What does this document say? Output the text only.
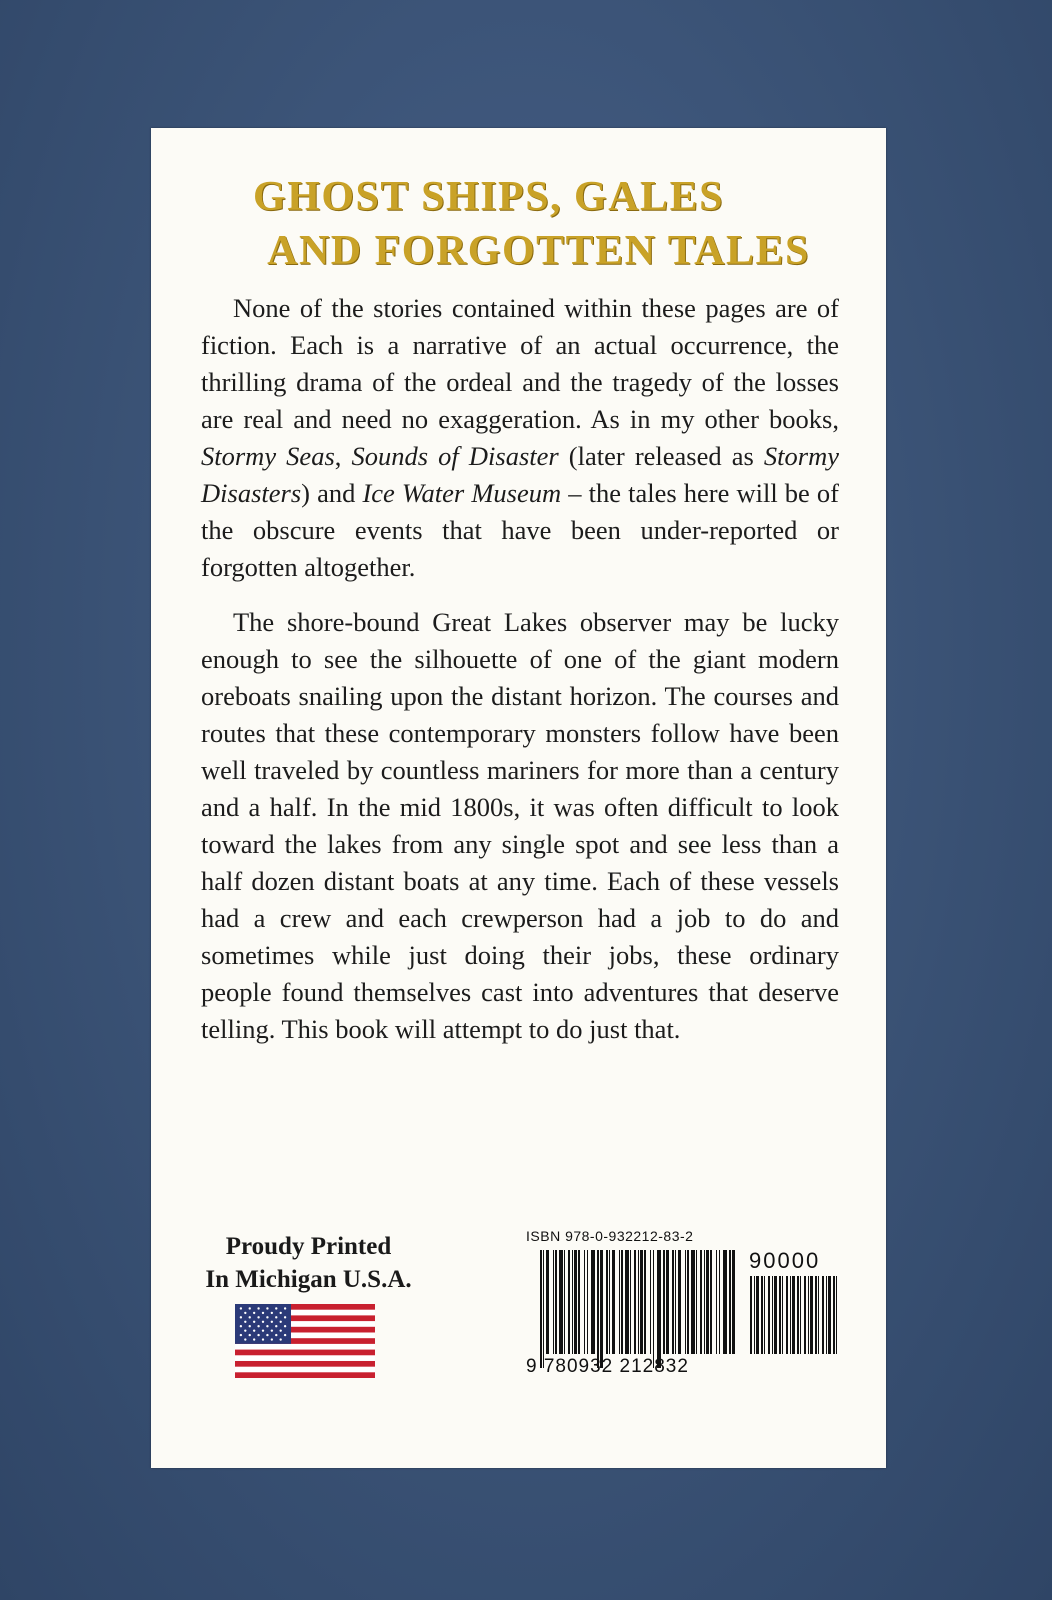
GHOST SHIPS, GALES
AND FORGOTTEN TALES

None of the stories contained within these pages are of fiction. Each is a narrative of an actual occurrence, the thrilling drama of the ordeal and the tragedy of the losses are real and need no exaggeration. As in my other books, Stormy Seas, Sounds of Disaster (later released as Stormy Disasters) and Ice Water Museum – the tales here will be of the obscure events that have been under-reported or forgotten altogether.

The shore-bound Great Lakes observer may be lucky enough to see the silhouette of one of the giant modern oreboats snailing upon the distant horizon. The courses and routes that these contemporary monsters follow have been well traveled by countless mariners for more than a century and a half. In the mid 1800s, it was often difficult to look toward the lakes from any single spot and see less than a half dozen distant boats at any time. Each of these vessels had a crew and each crewperson had a job to do and sometimes while just doing their jobs, these ordinary people found themselves cast into adventures that deserve telling. This book will attempt to do just that.

Proudy Printed
In Michigan U.S.A.
ISBN 978-0-932212-83-2
90000
9 780932 212832
